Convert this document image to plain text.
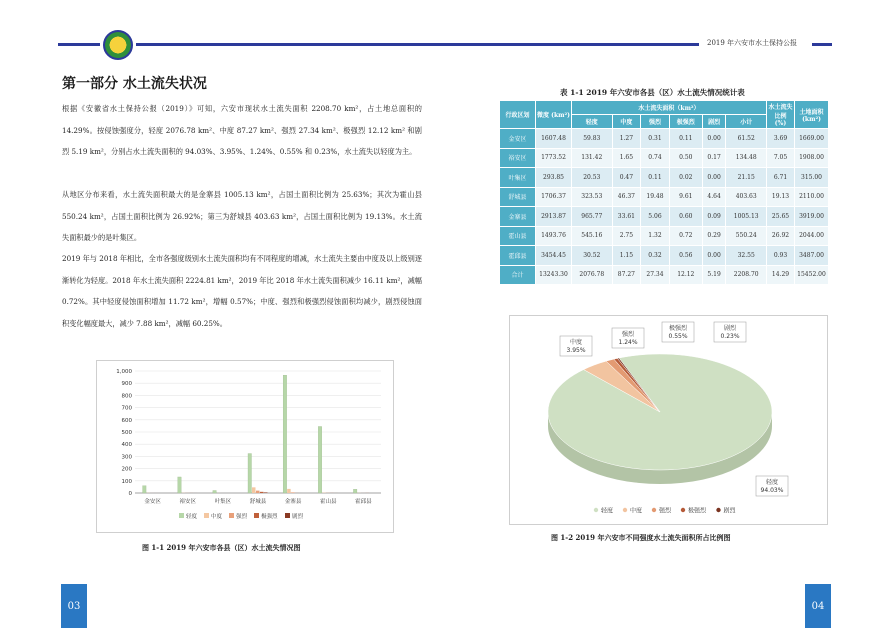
2019 年六安市水土保持公报
第一部分 水土流失状况
根据《安徽省水土保持公报（2019）》可知，六安市现状水土流失面积 2208.70 km²，占土地总面积的 14.29%。按侵蚀强度分，轻度 2076.78 km²、中度 87.27 km²、强烈 27.34 km²、极强烈 12.12 km² 和剧烈 5.19 km²，分别占水土流失面积的 94.03%、3.95%、1.24%、0.55% 和 0.23%，水土流失以轻度为主。
从地区分布来看，水土流失面积最大的是金寨县 1005.13 km²，占国土面积比例为 25.63%；其次为霍山县 550.24 km²，占国土面积比例为 26.92%；第三为舒城县 403.63 km²，占国土面积比例为 19.13%。水土流失面积最少的是叶集区。
2019 年与 2018 年相比，全市各强度级别水土流失面积均有不同程度的增减，水土流失主要由中度及以上级别逐渐转化为轻度。2018 年水土流失面积 2224.81 km²，2019 年比 2018 年水土流失面积减少 16.11 km²，减幅 0.72%。其中轻度侵蚀面积增加 11.72 km²，增幅 0.57%；中度、强烈和极强烈侵蚀面积均减少，剧烈侵蚀面积变化幅度最大，减少 7.88 km²，减幅 60.25%。
0
100
200
300
400
500
600
700
800
900
1,000
金安区	裕安区	叶集区	舒城县	金寨县	霍山县	霍邱县
轻度	中度	强烈	极强烈	剧烈
图 1-1 2019 年六安市各县（区）水土流失情况图
表 1-1 2019 年六安市各县（区）水土流失情况统计表
行政区划	微度 (km²)	水土流失面积（km²）						水土流失比例 (%)	土地面积 (km²)
		轻度	中度	强烈	极强烈	剧烈	小计		
金安区	1607.48	59.83	1.27	0.31	0.11	0.00	61.52	3.69	1669.00
裕安区	1773.52	131.42	1.65	0.74	0.50	0.17	134.48	7.05	1908.00
叶集区	293.85	20.53	0.47	0.11	0.02	0.00	21.15	6.71	315.00
舒城县	1706.37	323.53	46.37	19.48	9.61	4.64	403.63	19.13	2110.00
金寨县	2913.87	965.77	33.61	5.06	0.60	0.09	1005.13	25.65	3919.00
霍山县	1493.76	545.16	2.75	1.32	0.72	0.29	550.24	26.92	2044.00
霍邱县	3454.45	30.52	1.15	0.32	0.56	0.00	32.55	0.93	3487.00
合计	13243.30	2076.78	87.27	27.34	12.12	5.19	2208.70	14.29	15452.00
轻度
94.03%
中度
3.95%
强烈
1.24%
极强烈
0.55%
剧烈
0.23%
轻度	中度	强烈	极强烈	剧烈
图 1-2 2019 年六安市不同强度水土流失面积所占比例图
03	04
